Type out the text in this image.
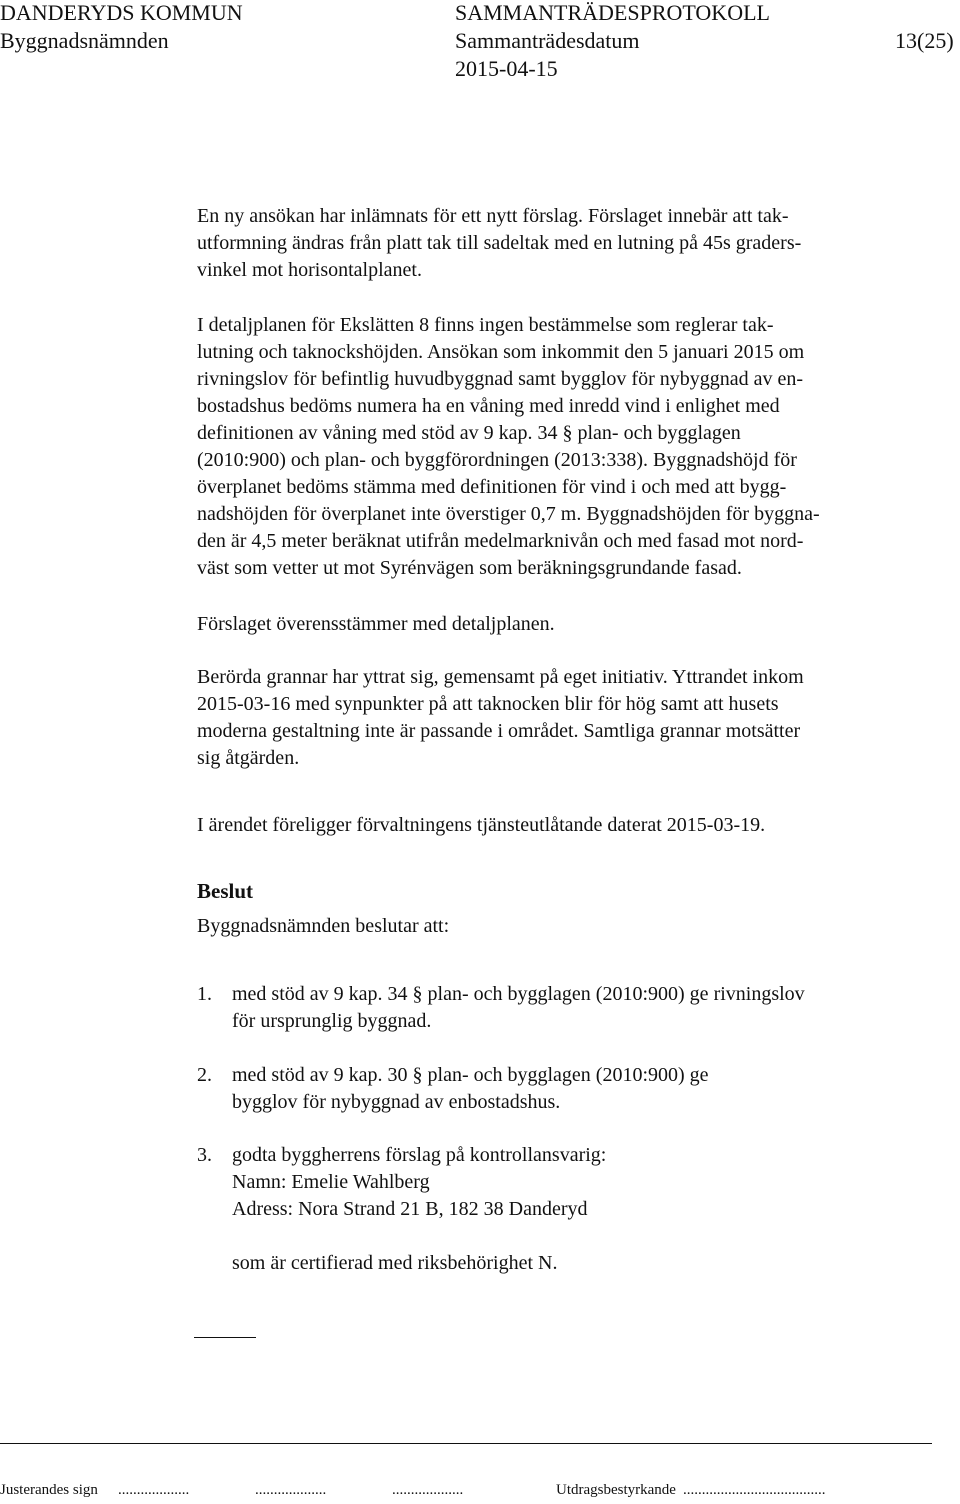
DANDERYDS KOMMUN	SAMMANTRÄDESPROTOKOLL
Byggnadsnämnden	Sammanträdesdatum	13(25)
2015-04-15
En ny ansökan har inlämnats för ett nytt förslag. Förslaget innebär att tak-
utformning ändras från platt tak till sadeltak med en lutning på 45s graders-
vinkel mot horisontalplanet.
I detaljplanen för Ekslätten 8 finns ingen bestämmelse som reglerar tak-
lutning och taknockshöjden. Ansökan som inkommit den 5 januari 2015 om
rivningslov för befintlig huvudbyggnad samt bygglov för nybyggnad av en-
bostadshus bedöms numera ha en våning med inredd vind i enlighet med
definitionen av våning med stöd av 9 kap. 34 § plan- och bygglagen
(2010:900) och plan- och byggförordningen (2013:338). Byggnadshöjd för
överplanet bedöms stämma med definitionen för vind i och med att bygg-
nadshöjden för överplanet inte överstiger 0,7 m. Byggnadshöjden för byggna-
den är 4,5 meter beräknat utifrån medelmarknivån och med fasad mot nord-
väst som vetter ut mot Syrénvägen som beräkningsgrundande fasad.
Förslaget överensstämmer med detaljplanen.
Berörda grannar har yttrat sig, gemensamt på eget initiativ. Yttrandet inkom
2015-03-16 med synpunkter på att taknocken blir för hög samt att husets
moderna gestaltning inte är passande i området. Samtliga grannar motsätter
sig åtgärden.
I ärendet föreligger förvaltningens tjänsteutlåtande daterat 2015-03-19.
Beslut
Byggnadsnämnden beslutar att:
1. med stöd av 9 kap. 34 § plan- och bygglagen (2010:900) ge rivningslov
för ursprunglig byggnad.
2. med stöd av 9 kap. 30 § plan- och bygglagen (2010:900) ge
bygglov för nybyggnad av enbostadshus.
3. godta byggherrens förslag på kontrollansvarig:
Namn: Emelie Wahlberg
Adress: Nora Strand 21 B, 182 38 Danderyd
som är certifierad med riksbehörighet N.
Justerandes sign ...................	...................	...................	Utdragsbestyrkande ......................................
